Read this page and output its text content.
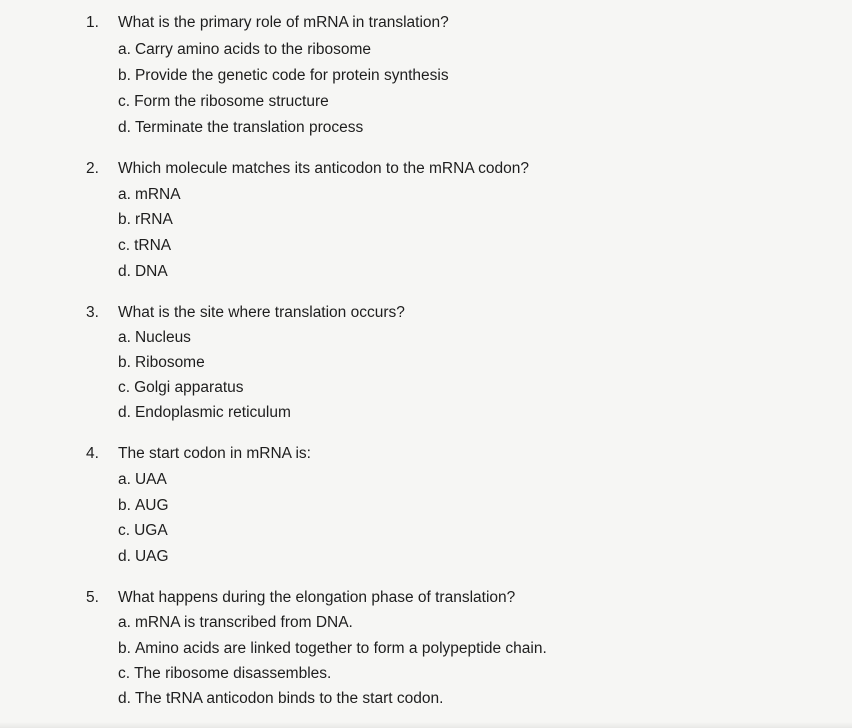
1.	What is the primary role of mRNA in translation?
a. Carry amino acids to the ribosome
b. Provide the genetic code for protein synthesis
c. Form the ribosome structure
d. Terminate the translation process
2.	Which molecule matches its anticodon to the mRNA codon?
a. mRNA
b. rRNA
c. tRNA
d. DNA
3.	What is the site where translation occurs?
a. Nucleus
b. Ribosome
c. Golgi apparatus
d. Endoplasmic reticulum
4.	The start codon in mRNA is:
a. UAA
b. AUG
c. UGA
d. UAG
5.	What happens during the elongation phase of translation?
a. mRNA is transcribed from DNA.
b. Amino acids are linked together to form a polypeptide chain.
c. The ribosome disassembles.
d. The tRNA anticodon binds to the start codon.
